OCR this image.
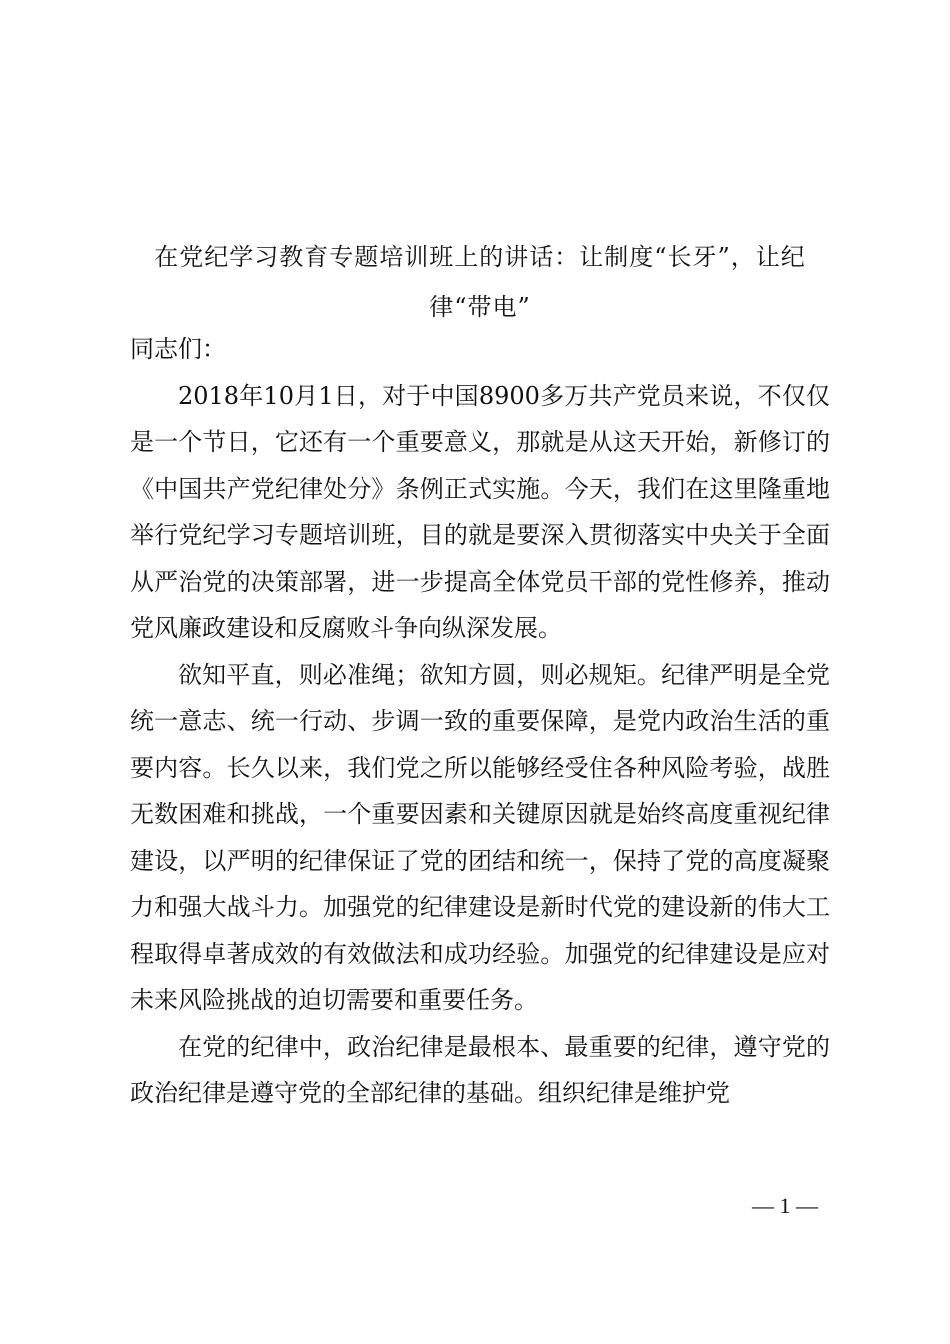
在党纪学习教育专题培训班上的讲话：让制度“长牙”，让纪律“带电”

同志们：

2018年10月1日，对于中国8900多万共产党员来说，不仅仅是一个节日，它还有一个重要意义，那就是从这天开始，新修订的《中国共产党纪律处分》条例正式实施。今天，我们在这里隆重地举行党纪学习专题培训班，目的就是要深入贯彻落实中央关于全面从严治党的决策部署，进一步提高全体党员干部的党性修养，推动党风廉政建设和反腐败斗争向纵深发展。

欲知平直，则必准绳；欲知方圆，则必规矩。纪律严明是全党统一意志、统一行动、步调一致的重要保障，是党内政治生活的重要内容。长久以来，我们党之所以能够经受住各种风险考验，战胜无数困难和挑战，一个重要因素和关键原因就是始终高度重视纪律建设，以严明的纪律保证了党的团结和统一，保持了党的高度凝聚力和强大战斗力。加强党的纪律建设是新时代党的建设新的伟大工程取得卓著成效的有效做法和成功经验。加强党的纪律建设是应对未来风险挑战的迫切需要和重要任务。

在党的纪律中，政治纪律是最根本、最重要的纪律，遵守党的政治纪律是遵守党的全部纪律的基础。组织纪律是维护党

— 1 —
